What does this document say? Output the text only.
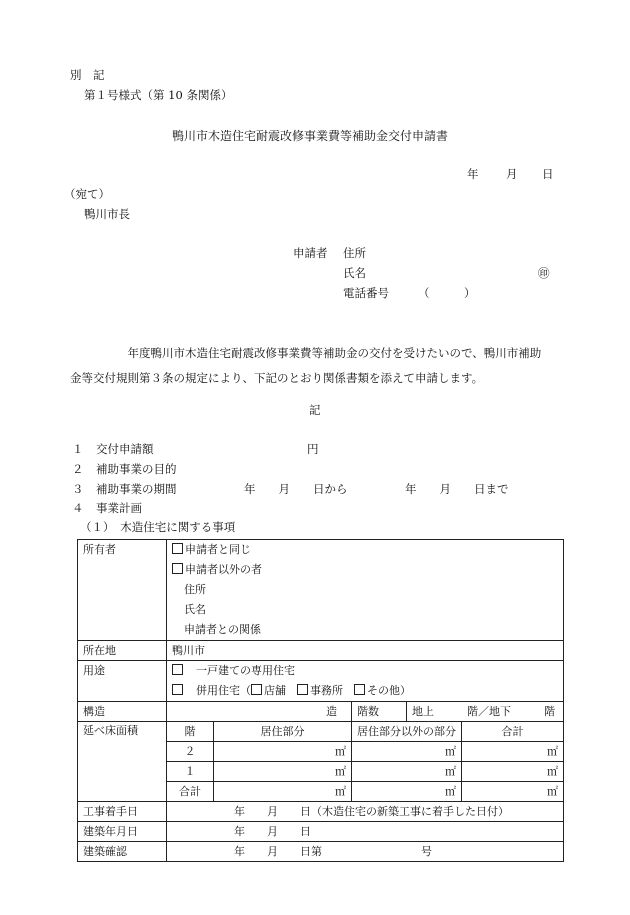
別　記
第１号様式（第 10 条関係）
鴨川市木造住宅耐震改修事業費等補助金交付申請書
年 月 日
（宛て）
鴨川市長
申請者 住所
氏名	㊞
電話番号	（　　　）
　　　　　年度鴨川市木造住宅耐震改修事業費等補助金の交付を受けたいので、鴨川市補助金等交付規則第３条の規定により、下記のとおり関係書類を添えて申請します。
記
１ 交付申請額	円
２ 補助事業の目的
３ 補助事業の期間	年　　月　　日から	年　　月　　日まで
４ 事業計画
（１）　木造住宅に関する事項
所有者	申請者と同じ
申請者以外の者
住所
氏名
申請者との関係				

所在地	鴨川市				
用途	　一戸建ての専用住宅
　併用住宅（ 店舗　 事務所　 その他）				

構造	造		階数	地上　　　 階／地下　　　 階	
延べ床面積	階	居住部分	居住部分以外の部分		合計
	２	㎡	㎡		㎡
	１	㎡	㎡		㎡
	合計	㎡	㎡		㎡
工事着手日	年　　月　　日（木造住宅の新築工事に着手した日付）				
建築年月日	年　　月　　日				
建築確認	年　　月　　日第　　　　　　　　　号				
